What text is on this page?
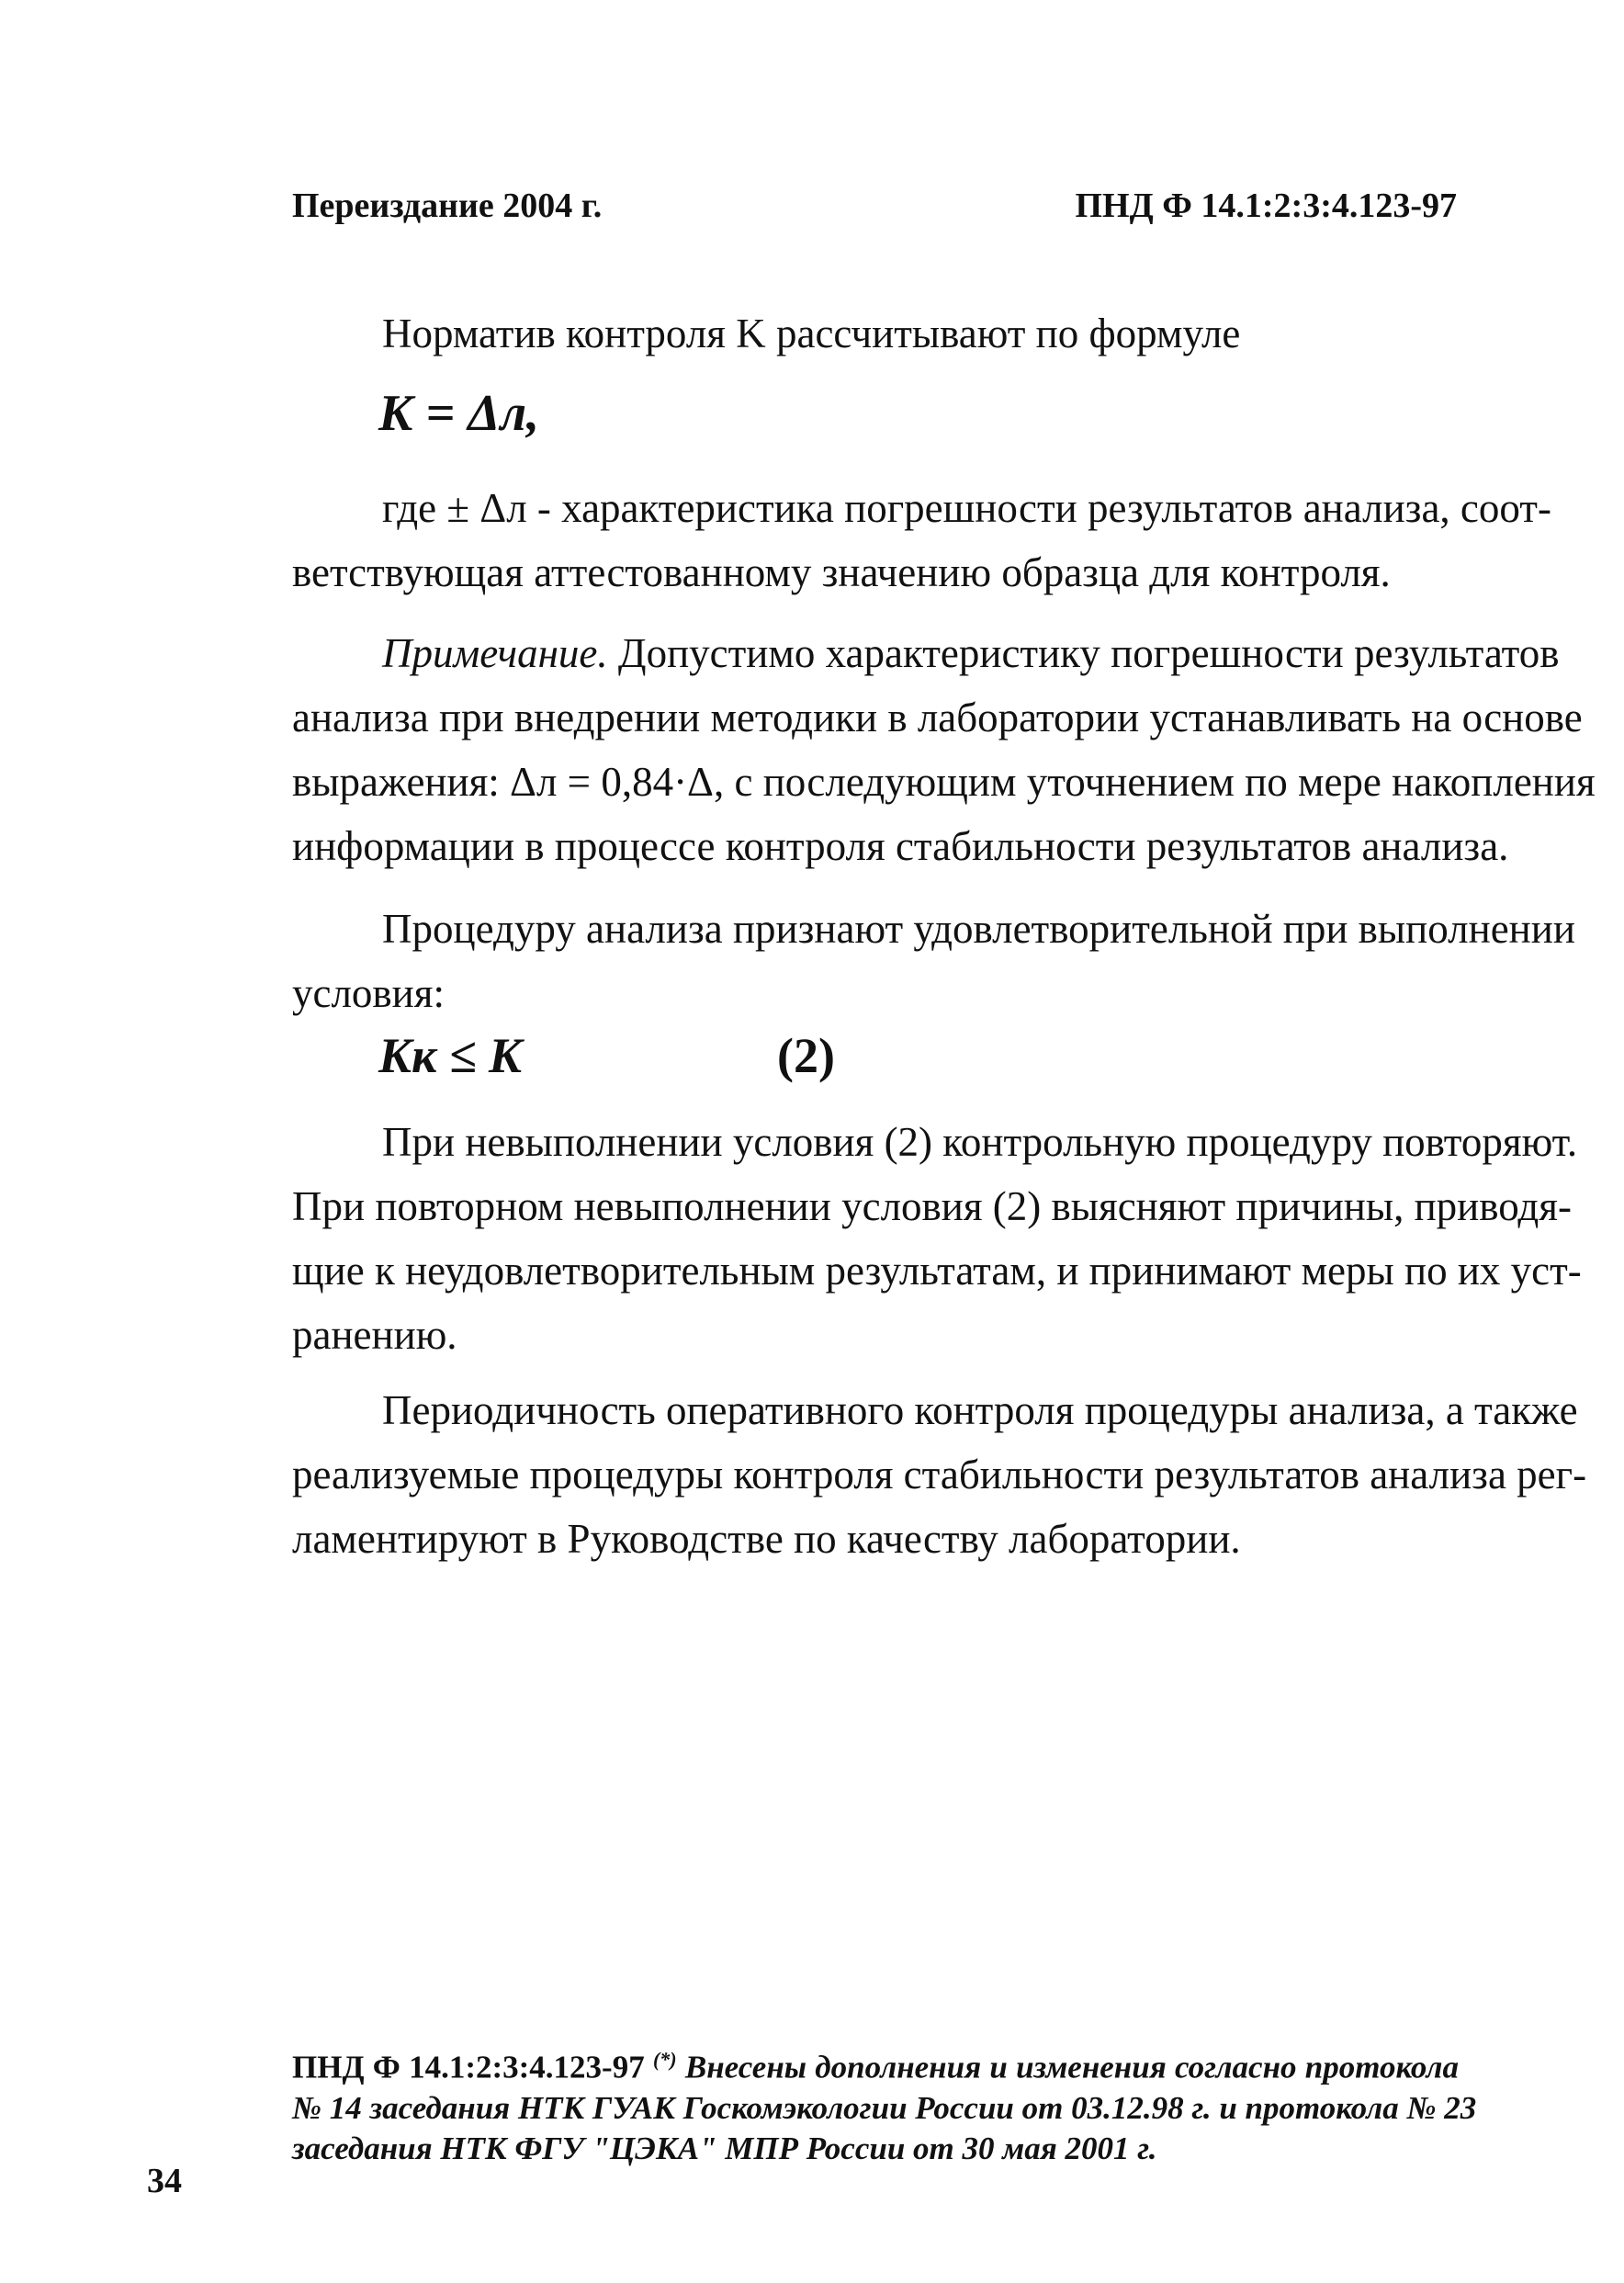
Переиздание 2004 г.	ПНД Ф 14.1:2:3:4.123-97
Норматив контроля K рассчитывают по формуле
K = Δл,
где ± Δл - характеристика погрешности результатов анализа, соот-
ветствующая аттестованному значению образца для контроля.
Примечание. Допустимо характеристику погрешности результатов
анализа при внедрении методики в лаборатории устанавливать на основе
выражения: Δл = 0,84·Δ, с последующим уточнением по мере накопления
информации в процессе контроля стабильности результатов анализа.
Процедуру анализа признают удовлетворительной при выполнении
условия:
Kк ≤ K	(2)
При невыполнении условия (2) контрольную процедуру повторяют.
При повторном невыполнении условия (2) выясняют причины, приводя-
щие к неудовлетворительным результатам, и принимают меры по их уст-
ранению.
Периодичность оперативного контроля процедуры анализа, а также
реализуемые процедуры контроля стабильности результатов анализа рег-
ламентируют в Руководстве по качеству лаборатории.
ПНД Ф 14.1:2:3:4.123-97 (*) Внесены дополнения и изменения согласно протокола
№ 14 заседания НТК ГУАК Госкомэкологии России от 03.12.98 г. и протокола № 23
заседания НТК ФГУ "ЦЭКА" МПР России от 30 мая 2001 г.
34
